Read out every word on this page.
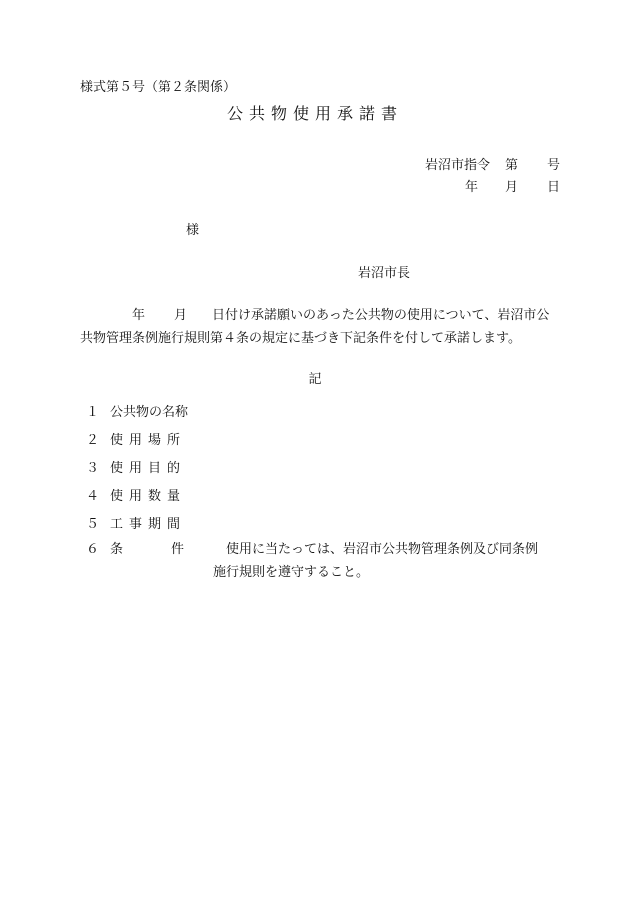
様式第５号（第２条関係）
公共物使用承諾書
岩沼市指令 第 号
年 月 日
様
岩沼市長
年 月 日付け承諾願いのあった公共物の使用について、岩沼市公
共物管理条例施行規則第４条の規定に基づき下記条件を付して承諾します。
記
１ 公共物の名称
２ 使用場所
３ 使用目的
４ 使用数量
５ 工事期間
６ 条件
使用に当たっては、岩沼市公共物管理条例及び同条例
施行規則を遵守すること。
